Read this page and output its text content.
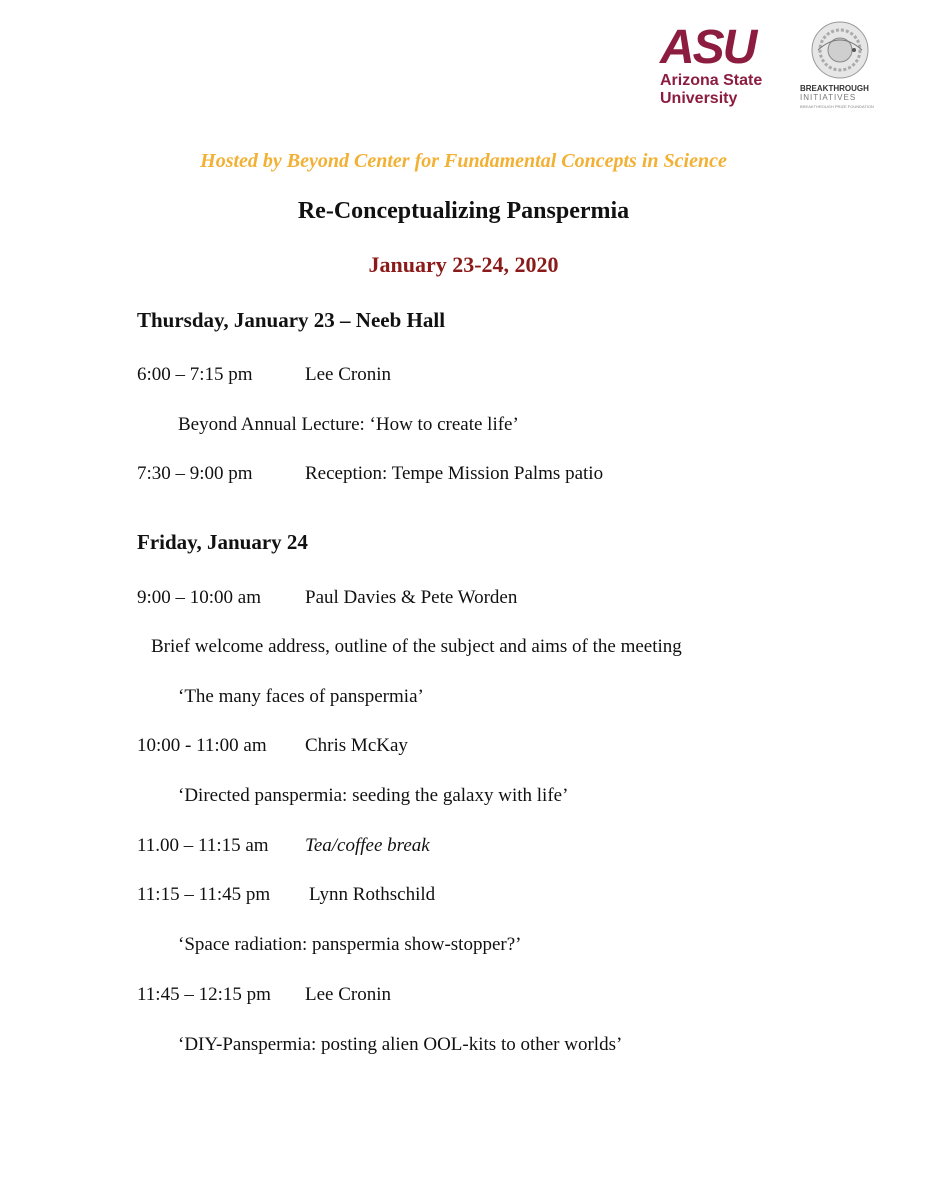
ASU
Arizona State
University
BREAKTHROUGH
INITIATIVES
BREAKTHROUGH PRIZE FOUNDATION
Hosted by Beyond Center for Fundamental Concepts in Science
Re-Conceptualizing Panspermia
January 23-24, 2020
Thursday, January 23 – Neeb Hall
6:00 – 7:15 pm	Lee Cronin
Beyond Annual Lecture: ‘How to create life’
7:30 – 9:00 pm	Reception: Tempe Mission Palms patio
Friday, January 24
9:00 – 10:00 am Paul Davies & Pete Worden
Brief welcome address, outline of the subject and aims of the meeting
‘The many faces of panspermia’
10:00 - 11:00 am Chris McKay
‘Directed panspermia: seeding the galaxy with life’
11.00 – 11:15 am Tea/coffee break
11:15 – 11:45 pm Lynn Rothschild
‘Space radiation: panspermia show-stopper?’
11:45 – 12:15 pm Lee Cronin
‘DIY-Panspermia: posting alien OOL-kits to other worlds’
